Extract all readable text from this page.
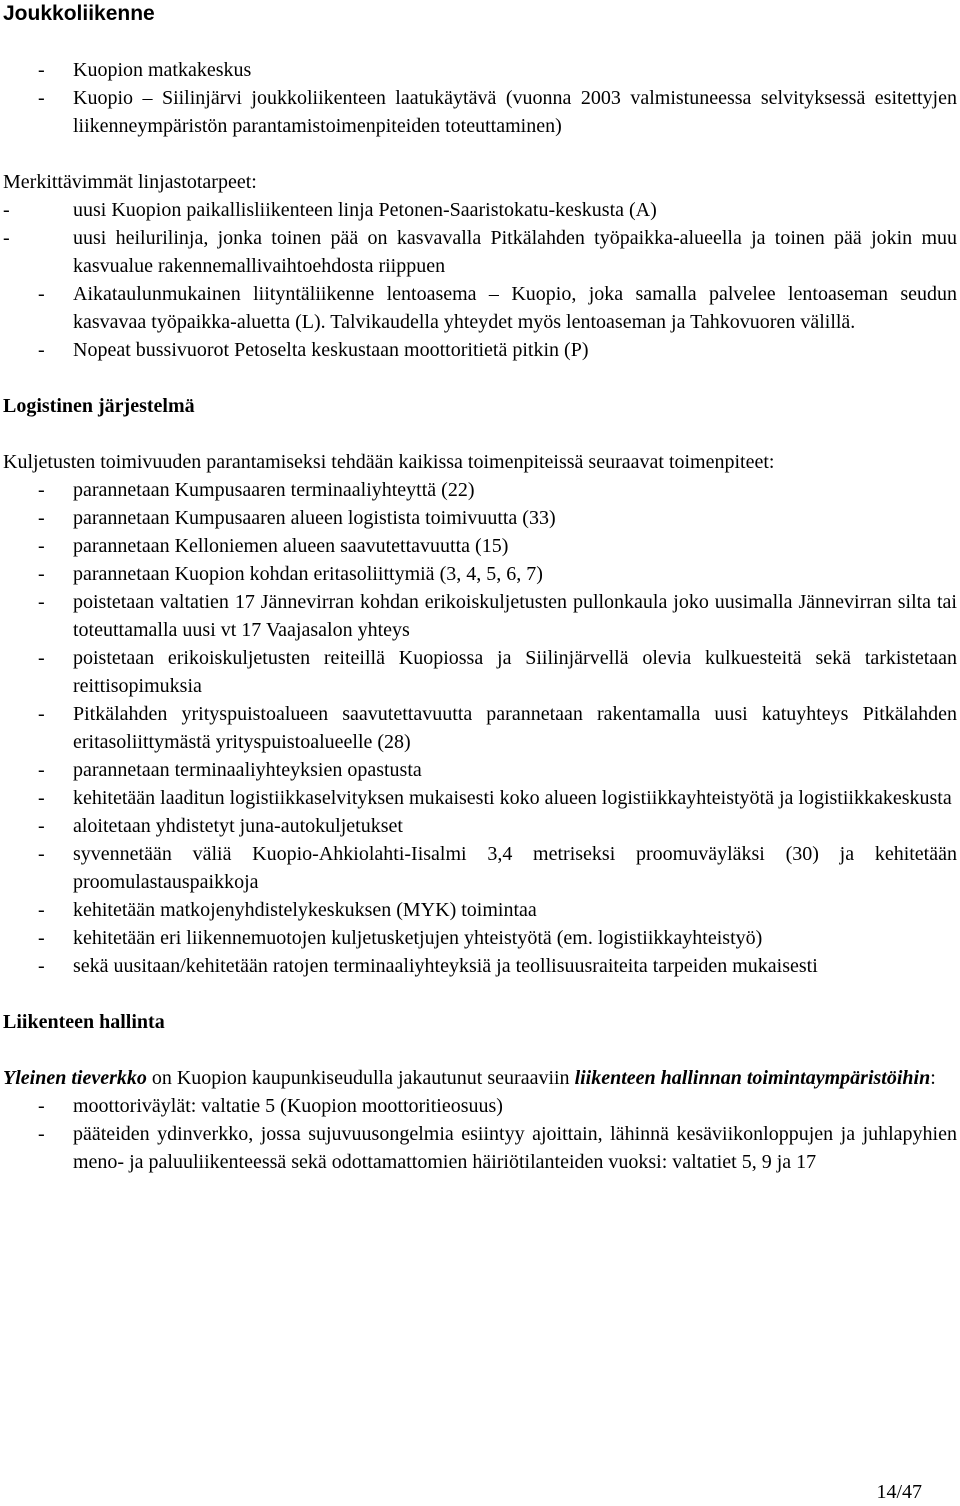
Joukkoliikenne
- Kuopion matkakeskus
- Kuopio – Siilinjärvi joukkoliikenteen laatukäytävä (vuonna 2003 valmistuneessa selvityksessä esitettyjen liikenneympäristön parantamistoimenpiteiden toteuttaminen)

Merkittävimmät linjastotarpeet:

- uusi Kuopion paikallisliikenteen linja Petonen-Saaristokatu-keskusta (A)
- uusi heilurilinja, jonka toinen pää on kasvavalla Pitkälahden työpaikka-alueella ja toinen pää jokin muu kasvualue rakennemallivaihtoehdosta riippuen
- Aikataulunmukainen liityntäliikenne lentoasema – Kuopio, joka samalla palvelee lentoaseman seudun kasvavaa työpaikka-aluetta (L). Talvikaudella yhteydet myös lentoaseman ja Tahkovuoren välillä.
- Nopeat bussivuorot Petoselta keskustaan moottoritietä pitkin (P)
Logistinen järjestelmä

Kuljetusten toimivuuden parantamiseksi tehdään kaikissa toimenpiteissä seuraavat toimenpiteet:

- parannetaan Kumpusaaren terminaaliyhteyttä (22)
- parannetaan Kumpusaaren alueen logistista toimivuutta (33)
- parannetaan Kelloniemen alueen saavutettavuutta (15)
- parannetaan Kuopion kohdan eritasoliittymiä (3, 4, 5, 6, 7)
- poistetaan valtatien 17 Jännevirran kohdan erikoiskuljetusten pullonkaula joko uusimalla Jännevirran silta tai toteuttamalla uusi vt 17 Vaajasalon yhteys
- poistetaan erikoiskuljetusten reiteillä Kuopiossa ja Siilinjärvellä olevia kulkuesteitä sekä tarkistetaan reittisopimuksia
- Pitkälahden yrityspuistoalueen saavutettavuutta parannetaan rakentamalla uusi katuyhteys Pitkälahden eritasoliittymästä yrityspuistoalueelle (28)
- parannetaan terminaaliyhteyksien opastusta
- kehitetään laaditun logistiikkaselvityksen mukaisesti koko alueen logistiikkayhteistyötä ja logistiikkakeskusta
- aloitetaan yhdistetyt juna-autokuljetukset
- syvennetään väliä Kuopio-Ahkiolahti-Iisalmi 3,4 metriseksi proomuväyläksi (30) ja kehitetään proomulastauspaikkoja
- kehitetään matkojenyhdistelykeskuksen (MYK) toimintaa
- kehitetään eri liikennemuotojen kuljetusketjujen yhteistyötä (em. logistiikkayhteistyö)
- sekä uusitaan/kehitetään ratojen terminaaliyhteyksiä ja teollisuusraiteita tarpeiden mukaisesti
Liikenteen hallinta

Yleinen tieverkko on Kuopion kaupunkiseudulla jakautunut seuraaviin liikenteen hallinnan toimintaympäristöihin:

- moottoriväylät: valtatie 5 (Kuopion moottoritieosuus)
- pääteiden ydinverkko, jossa sujuvuusongelmia esiintyy ajoittain, lähinnä kesäviikonloppujen ja juhlapyhien meno- ja paluuliikenteessä sekä odottamattomien häiriötilanteiden vuoksi: valtatiet 5, 9 ja 17
14/47
